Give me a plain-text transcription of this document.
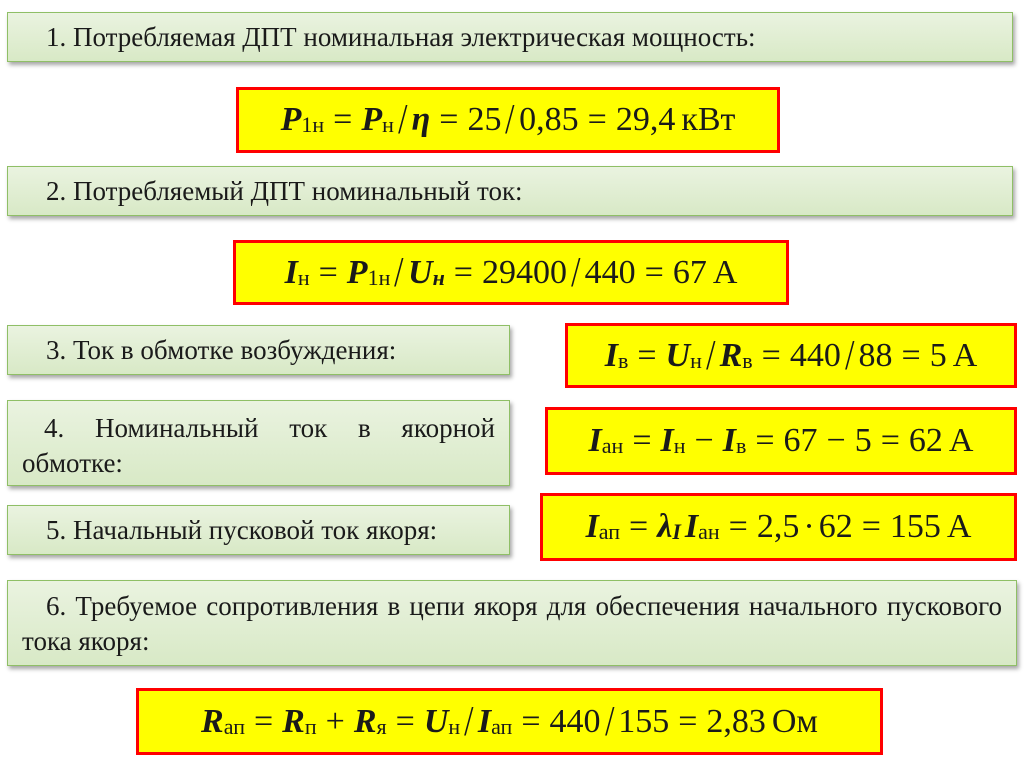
1. Потребляемая ДПТ номинальная электрическая мощность:
P 1н = P н / η = 25 / 0,85 = 29,4 кВт
2. Потребляемый ДПТ номинальный ток:
I н = P 1н / U н = 29400 / 440 = 67 А
3. Ток в обмотке возбуждения:	I в = U н / R в = 440 / 88 = 5 А
4. Номинальный ток в якорной обмотке:
I ан = I н − I в = 67 − 5 = 62 А
5. Начальный пусковой ток якоря:	I ап = λ I I ан = 2,5 · 62 = 155 А
6. Требуемое сопротивления в цепи якоря для обеспечения начального пускового тока якоря:
R ап = R п + R я = U н / I ап = 440 / 155 = 2,83 Ом
